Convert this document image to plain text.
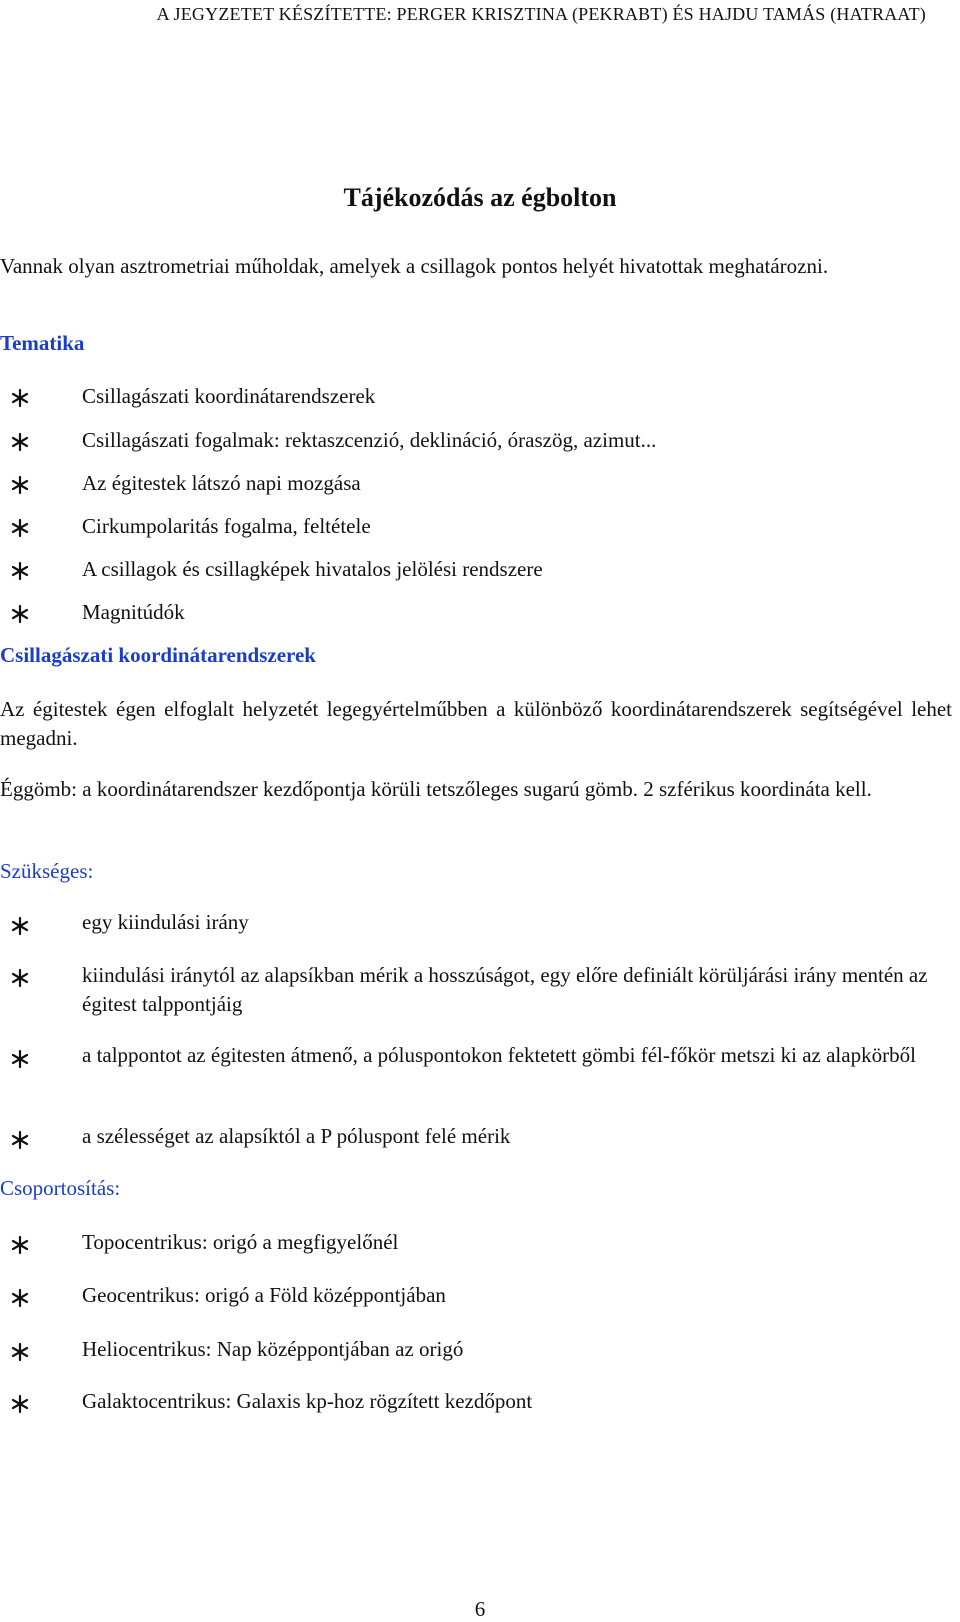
A JEGYZETET KÉSZÍTETTE: PERGER KRISZTINA (PEKRABT) ÉS HAJDU TAMÁS (HATRAAT)
Tájékozódás az égbolton
Vannak olyan asztrometriai műholdak, amelyek a csillagok pontos helyét hivatottak meghatározni.
Tematika
Csillagászati koordinátarendszerek
Csillagászati fogalmak: rektaszcenzió, deklináció, óraszög, azimut...
Az égitestek látszó napi mozgása
Cirkumpolaritás fogalma, feltétele
A csillagok és csillagképek hivatalos jelölési rendszere
Magnitúdók
Csillagászati koordinátarendszerek
Az égitestek égen elfoglalt helyzetét legegyértelműbben a különböző koordinátarendszerek segítségével lehet megadni.
Éggömb: a koordinátarendszer kezdőpontja körüli tetszőleges sugarú gömb. 2 szférikus koordináta kell.
Szükséges:
egy kiindulási irány
kiindulási iránytól az alapsíkban mérik a hosszúságot, egy előre definiált körüljárási irány mentén az égitest talppontjáig
a talppontot az égitesten átmenő, a póluspontokon fektetett gömbi fél-főkör metszi ki az alapkörből
a szélességet az alapsíktól a P póluspont felé mérik
Csoportosítás:
Topocentrikus: origó a megfigyelőnél
Geocentrikus: origó a Föld középpontjában
Heliocentrikus: Nap középpontjában az origó
Galaktocentrikus: Galaxis kp-hoz rögzített kezdőpont
6
